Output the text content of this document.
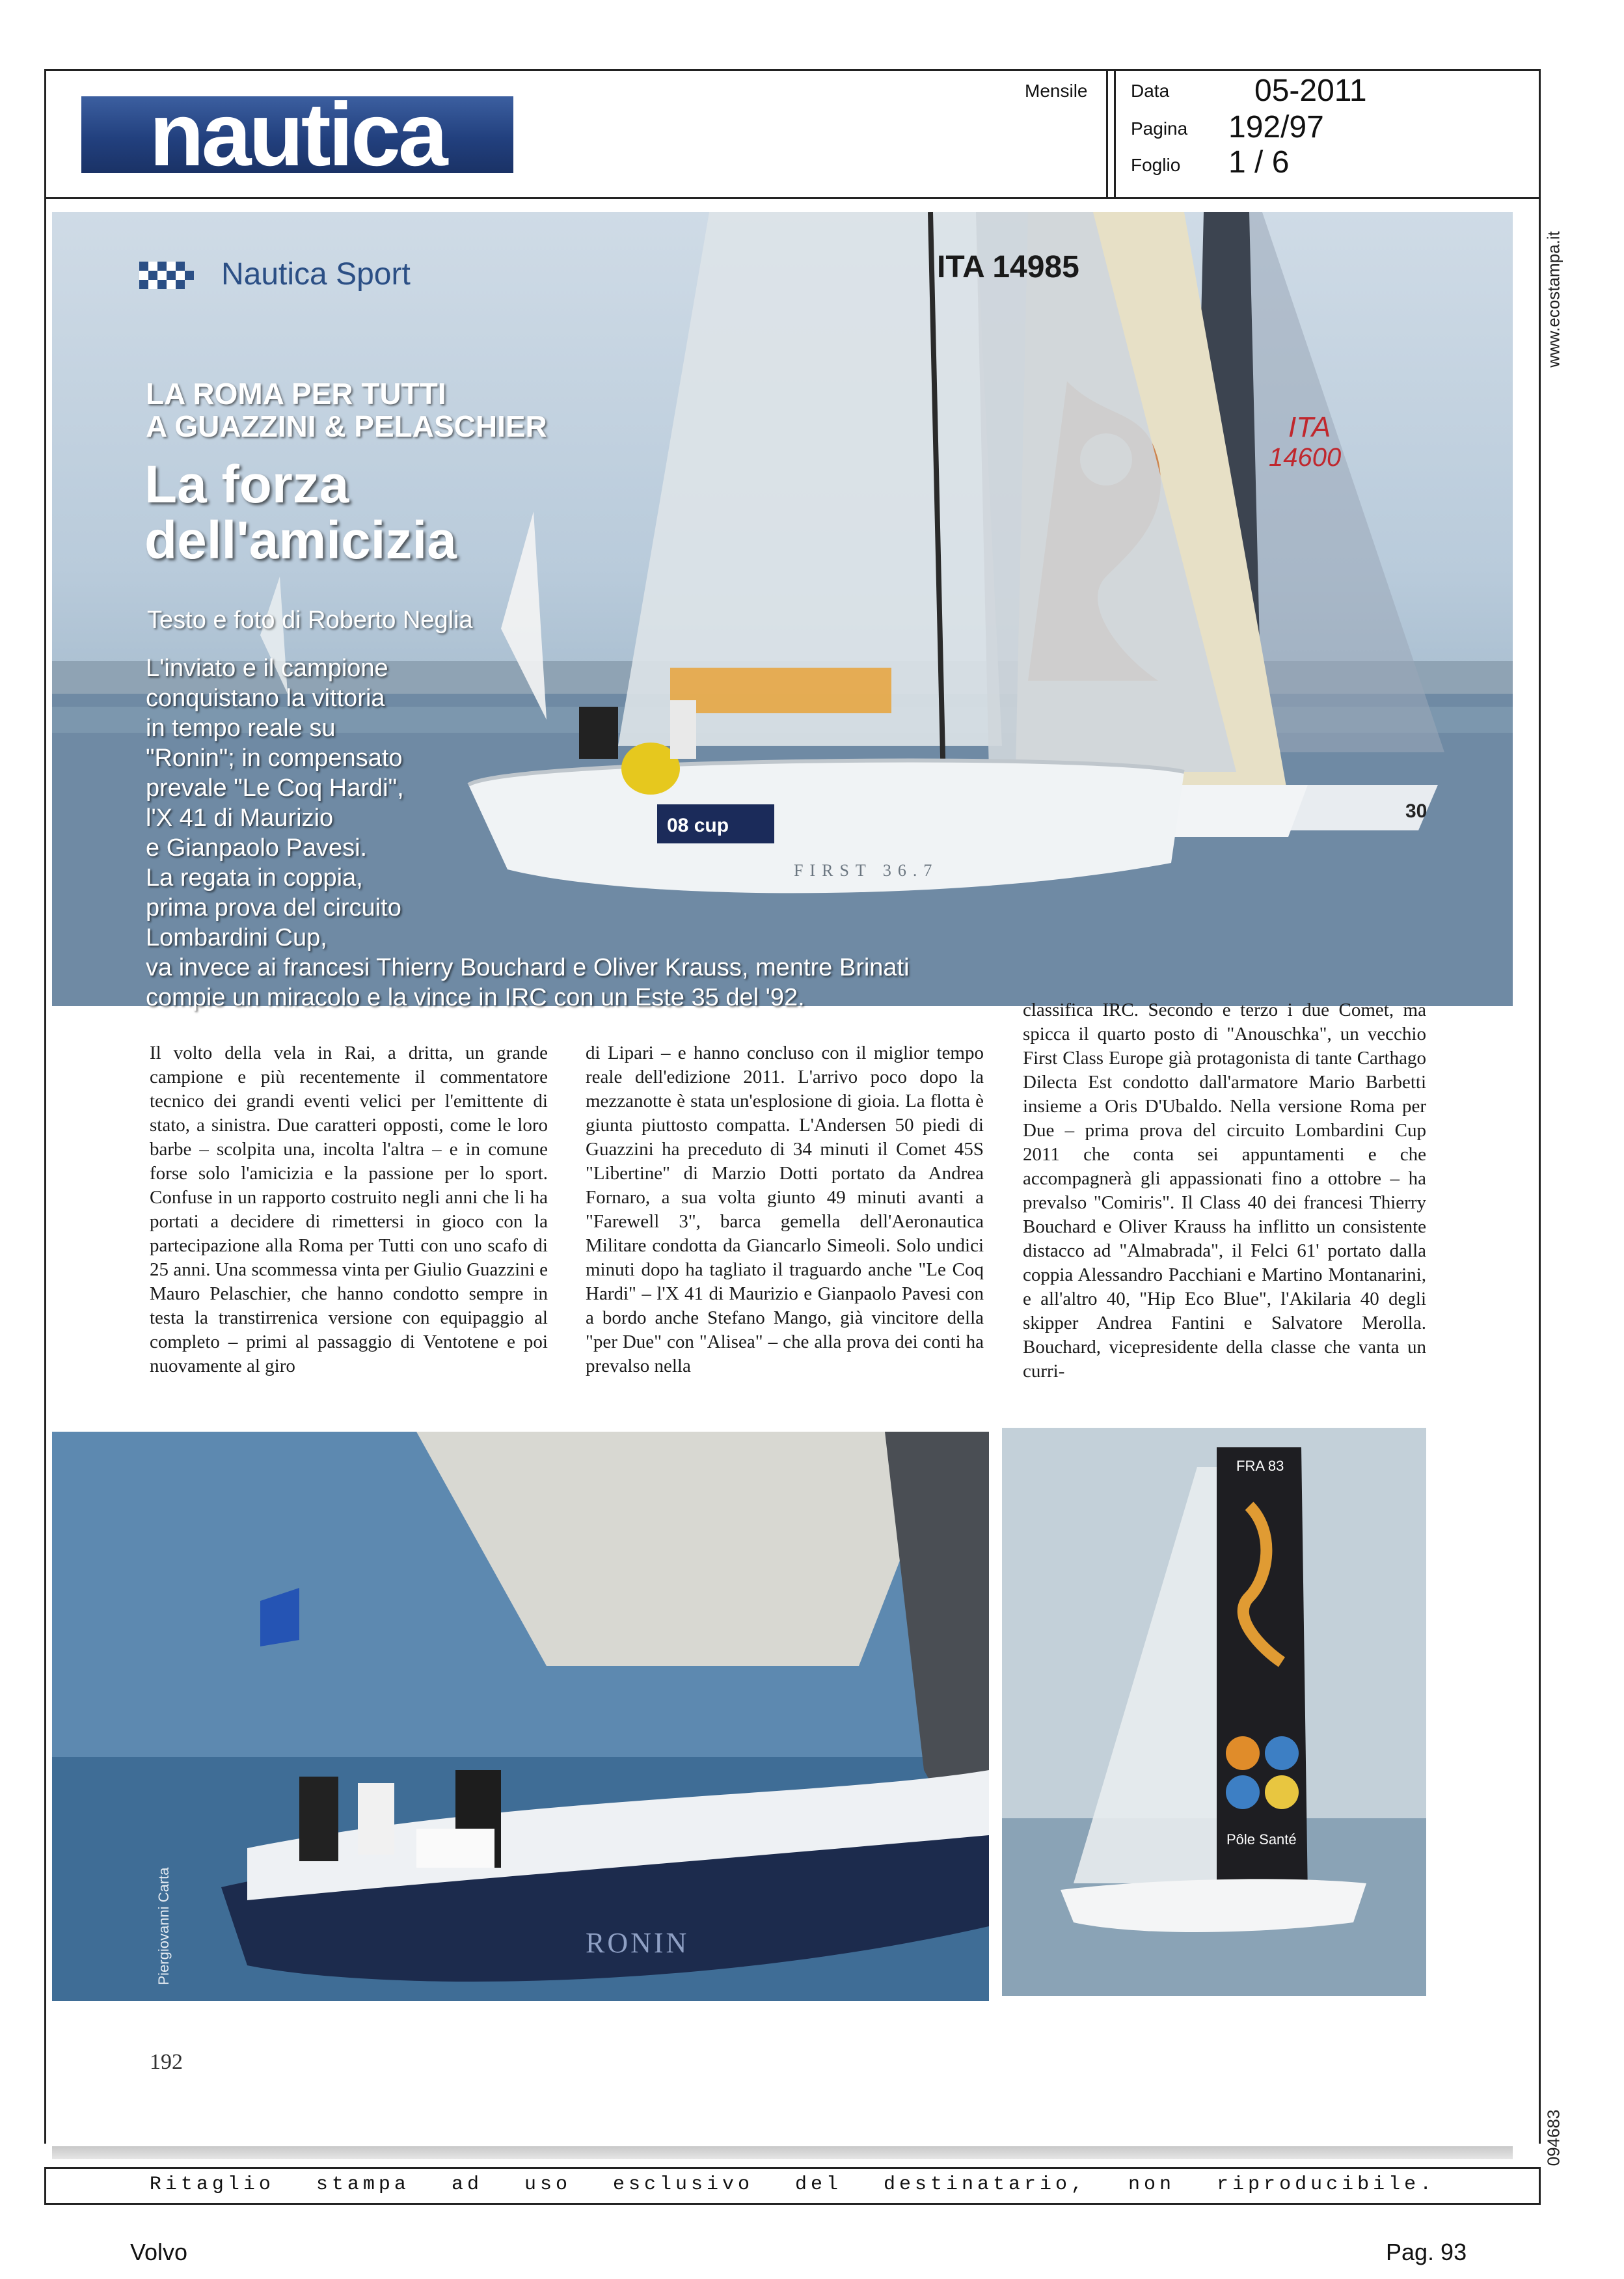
nautica	Mensile Data	05-2011
Pagina 192/97
Foglio 1 / 6
www.ecostampa.it
094683
ITA
14600
30
ITA 14985
08 cup
FIRST 36.7
Nautica Sport
LA ROMA PER TUTTI
A GUAZZINI & PELASCHIER
La forza
dell'amicizia
Testo e foto di Roberto Neglia
L'inviato e il campione
conquistano la vittoria
in tempo reale su
"Ronin"; in compensato
prevale "Le Coq Hardi",
l'X 41 di Maurizio
e Gianpaolo Pavesi.
La regata in coppia,
prima prova del circuito
Lombardini Cup,
va invece ai francesi Thierry Bouchard e Oliver Krauss, mentre Brinati
compie un miracolo e la vince in IRC con un Este 35 del '92.
Il volto della vela in Rai, a dritta, un grande campione e più recentemente il commentatore tecnico dei grandi eventi velici per l'emittente di stato, a sinistra. Due caratteri opposti, come le loro barbe – scolpita una, incolta l'altra – e in comune forse solo l'amicizia e la passione per lo sport. Confuse in un rapporto costruito negli anni che li ha portati a decidere di rimettersi in gioco con la partecipazione alla Roma per Tutti con uno scafo di 25 anni. Una scommessa vinta per Giulio Guazzini e Mauro Pelaschier, che hanno condotto sempre in testa la transtirrenica versione con equipaggio al completo – primi al passaggio di Ventotene e poi nuovamente al giro
di Lipari – e hanno concluso con il miglior tempo reale dell'edizione 2011. L'arrivo poco dopo la mezzanotte è stata un'esplosione di gioia. La flotta è giunta piuttosto compatta. L'Andersen 50 piedi di Guazzini ha preceduto di 34 minuti il Comet 45S "Libertine" di Marzio Dotti portato da Andrea Fornaro, a sua volta giunto 49 minuti avanti a "Farewell 3", barca gemella dell'Aeronautica Militare condotta da Giancarlo Simeoli. Solo undici minuti dopo ha tagliato il traguardo anche "Le Coq Hardi" – l'X 41 di Maurizio e Gianpaolo Pavesi con a bordo anche Stefano Mango, già vincitore della "per Due" con "Alisea" – che alla prova dei conti ha prevalso nella
classifica IRC. Secondo e terzo i due Comet, ma spicca il quarto posto di "Anouschka", un vecchio First Class Europe già protagonista di tante Carthago Dilecta Est condotto dall'armatore Mario Barbetti insieme a Oris D'Ubaldo. Nella versione Roma per Due – prima prova del circuito Lombardini Cup 2011 che conta sei appuntamenti e che accompagnerà gli appassionati fino a ottobre – ha prevalso "Comiris". Il Class 40 dei francesi Thierry Bouchard e Oliver Krauss ha inflitto un consistente distacco ad "Almabrada", il Felci 61' portato dalla coppia Alessandro Pacchiani e Martino Montanarini, e all'altro 40, "Hip Eco Blue", l'Akilaria 40 degli skipper Andrea Fantini e Salvatore Merolla. Bouchard, vicepresidente della classe che vanta un curri-
RONIN
Piergiovanni Carta
FRA 83
Pôle Santé
192
Ritaglio stampa ad uso esclusivo del destinatario, non riproducibile.
Volvo	Pag. 93
